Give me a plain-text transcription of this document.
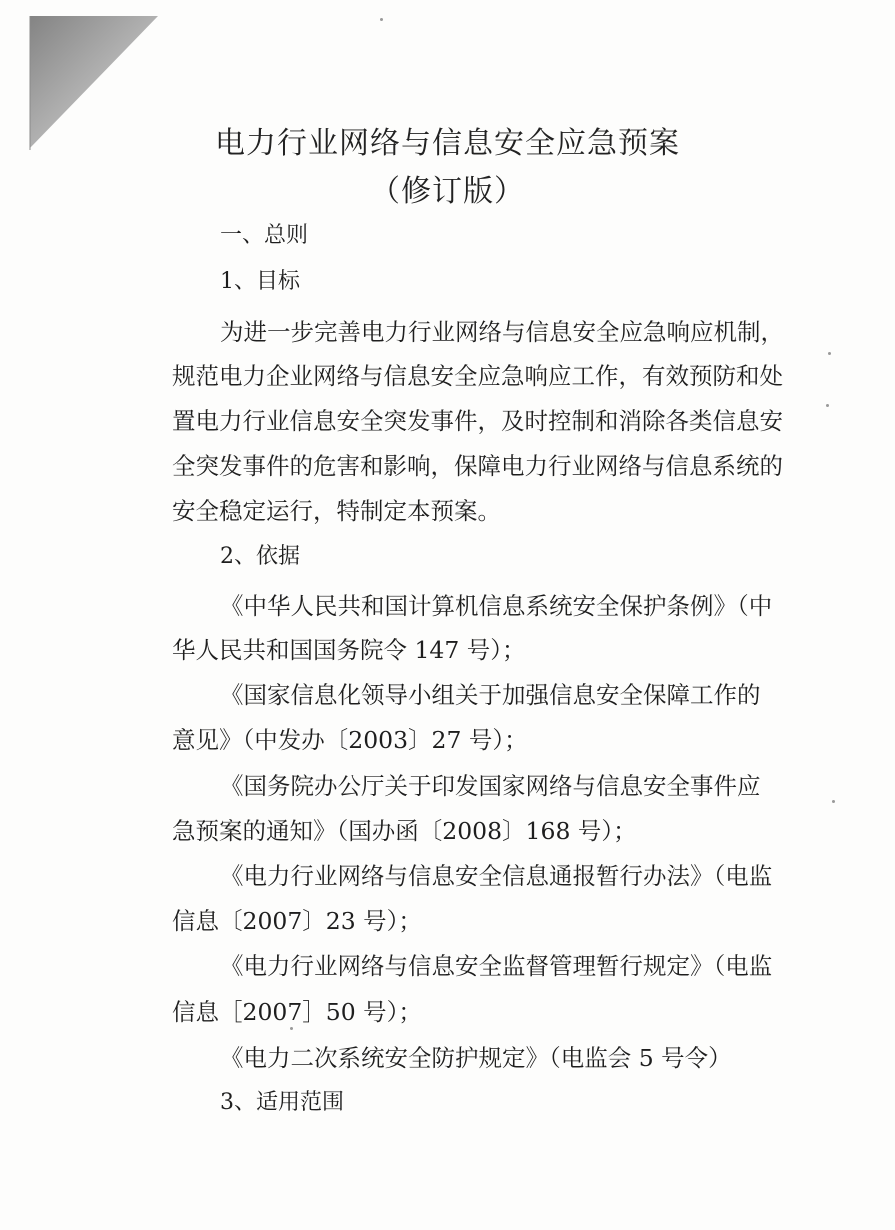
电力行业网络与信息安全应急预案
（修订版）
一、总则
1、目标
为进一步完善电力行业网络与信息安全应急响应机制，
规范电力企业网络与信息安全应急响应工作，有效预防和处
置电力行业信息安全突发事件，及时控制和消除各类信息安
全突发事件的危害和影响，保障电力行业网络与信息系统的
安全稳定运行，特制定本预案。
2、依据
《中华人民共和国计算机信息系统安全保护条例》（中
华人民共和国国务院令 147 号）；
《国家信息化领导小组关于加强信息安全保障工作的
意见》（中发办〔2003〕27 号）；
《国务院办公厅关于印发国家网络与信息安全事件应
急预案的通知》（国办函〔2008〕168 号）；
《电力行业网络与信息安全信息通报暂行办法》（电监
信息〔2007〕23 号）；
《电力行业网络与信息安全监督管理暂行规定》（电监
信息［2007］50 号）；
《电力二次系统安全防护规定》（电监会 5 号令）
3、适用范围
